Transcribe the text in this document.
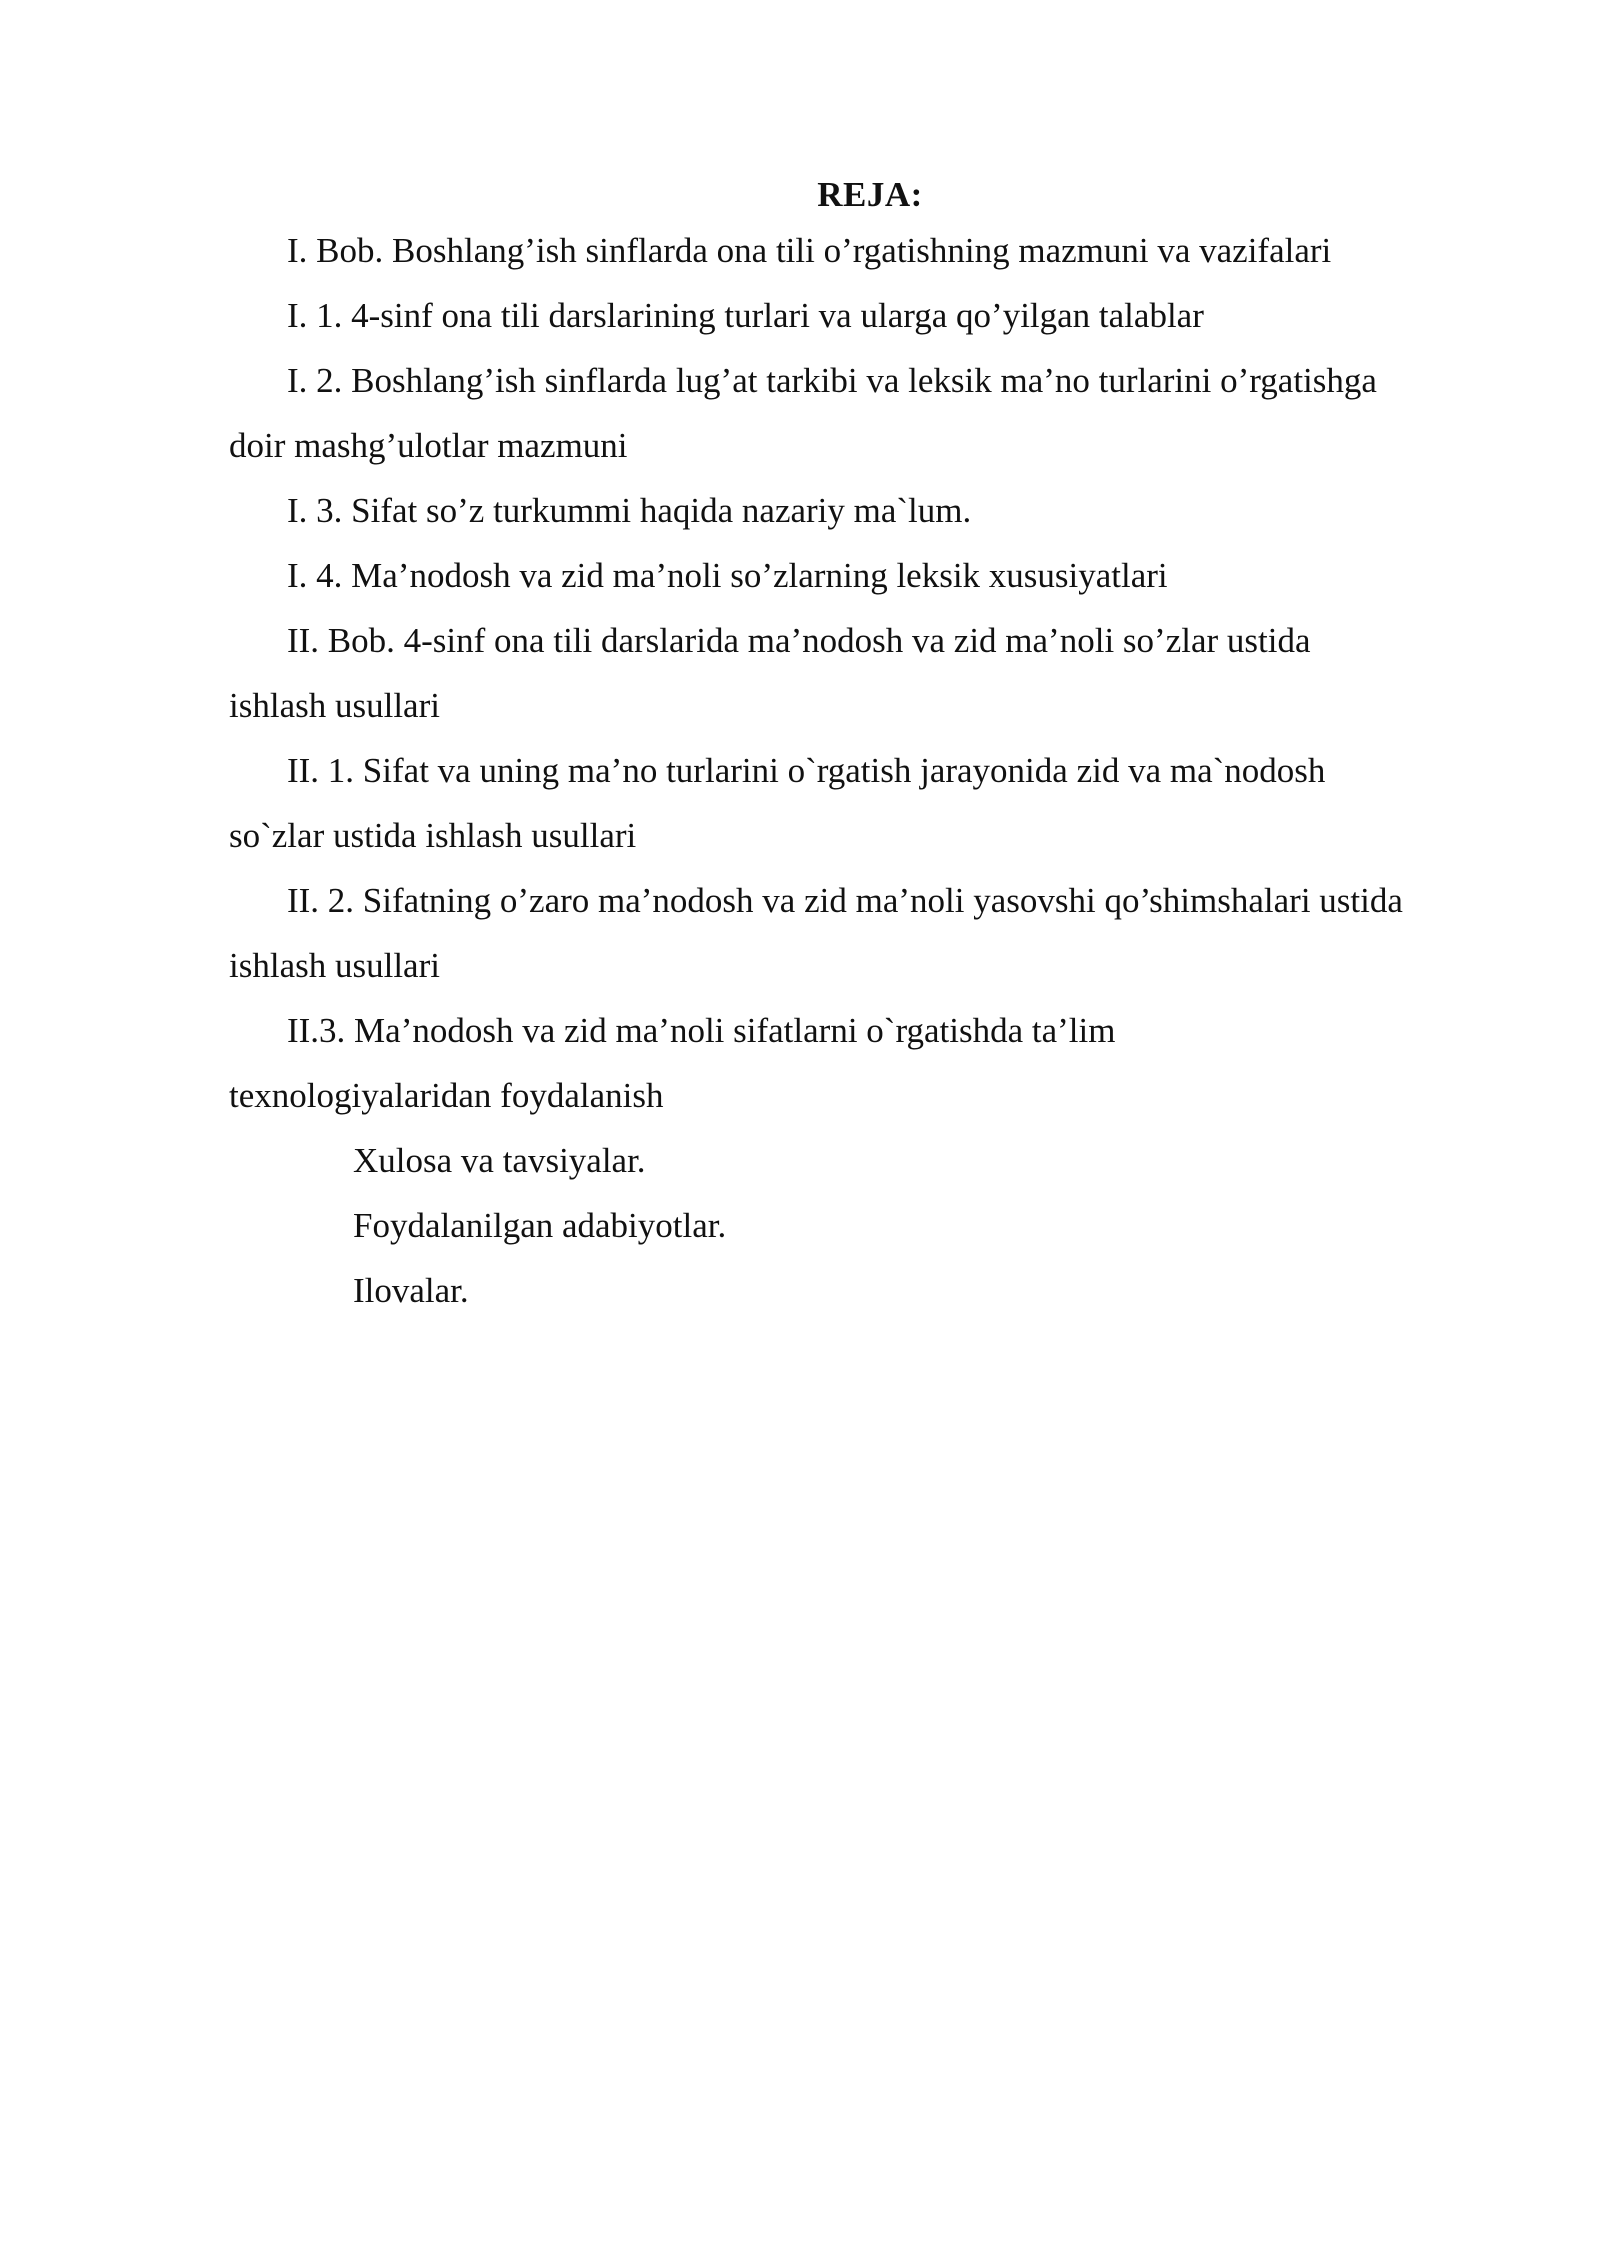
REJA:

I. Bob. Boshlang’ish sinflarda ona tili o’rgatishning mazmuni va vazifalari

I. 1. 4-sinf ona tili darslarining turlari va ularga qo’yilgan talablar

I. 2. Boshlang’ish sinflarda lug’at tarkibi va leksik ma’no turlarini o’rgatishga doir mashg’ulotlar mazmuni

I. 3. Sifat so’z turkummi haqida nazariy ma`lum.

I. 4. Ma’nodosh va zid ma’noli so’zlarning leksik xususiyatlari

II. Bob. 4-sinf ona tili darslarida ma’nodosh va zid ma’noli so’zlar ustida ishlash usullari

II. 1. Sifat va uning ma’no turlarini o`rgatish jarayonida zid va ma`nodosh so`zlar ustida ishlash usullari

II. 2. Sifatning o’zaro ma’nodosh va zid ma’noli yasovshi qo’shimshalari ustida ishlash usullari

II.3. Ma’nodosh va zid ma’noli sifatlarni o`rgatishda ta’lim texnologiyalaridan foydalanish

Xulosa va tavsiyalar.

Foydalanilgan adabiyotlar.

Ilovalar.
